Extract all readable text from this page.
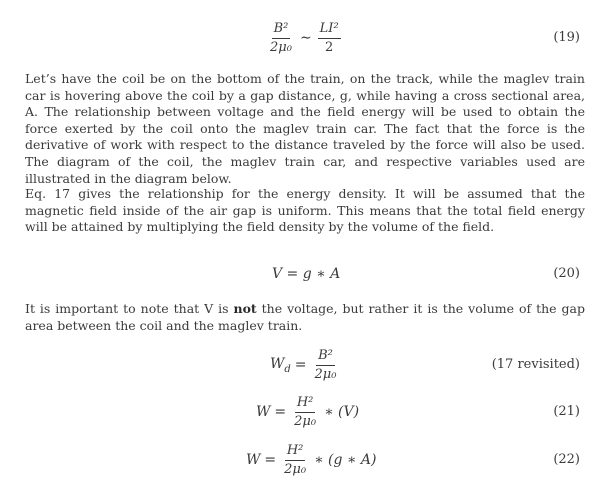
$\frac{\text{B²}}{\text{2μ₀}}$ ∼ $\frac{\text{LI²}}{2}$	(19)
Let’s have the coil be on the bottom of the train, on the track, while the maglev train car is hovering above the coil by a gap distance, g, while having a cross sectional area, A. The relationship between voltage and the field energy will be used to obtain the force exerted by the coil onto the maglev train car. The fact that the force is the derivative of work with respect to the distance traveled by the force will also be used. The diagram of the coil, the maglev train car, and respective variables used are illustrated in the diagram below.
Eq. 17 gives the relationship for the energy density. It will be assumed that the magnetic field inside of the air gap is uniform. This means that the total field energy will be attained by multiplying the field density by the volume of the field.
V = g ∗ A	(20)
It is important to note that V is not the voltage, but rather it is the volume of the gap area between the coil and the maglev train.
$W_d = \frac{\text{B²}}{\text{2μ₀}}$	(17 revisited)
$W = \frac{\text{H²}}{\text{2μ₀}}$ ∗ (V)	(21)
$W = \frac{\text{H²}}{\text{2μ₀}}$ ∗ (g ∗ A)	(22)
